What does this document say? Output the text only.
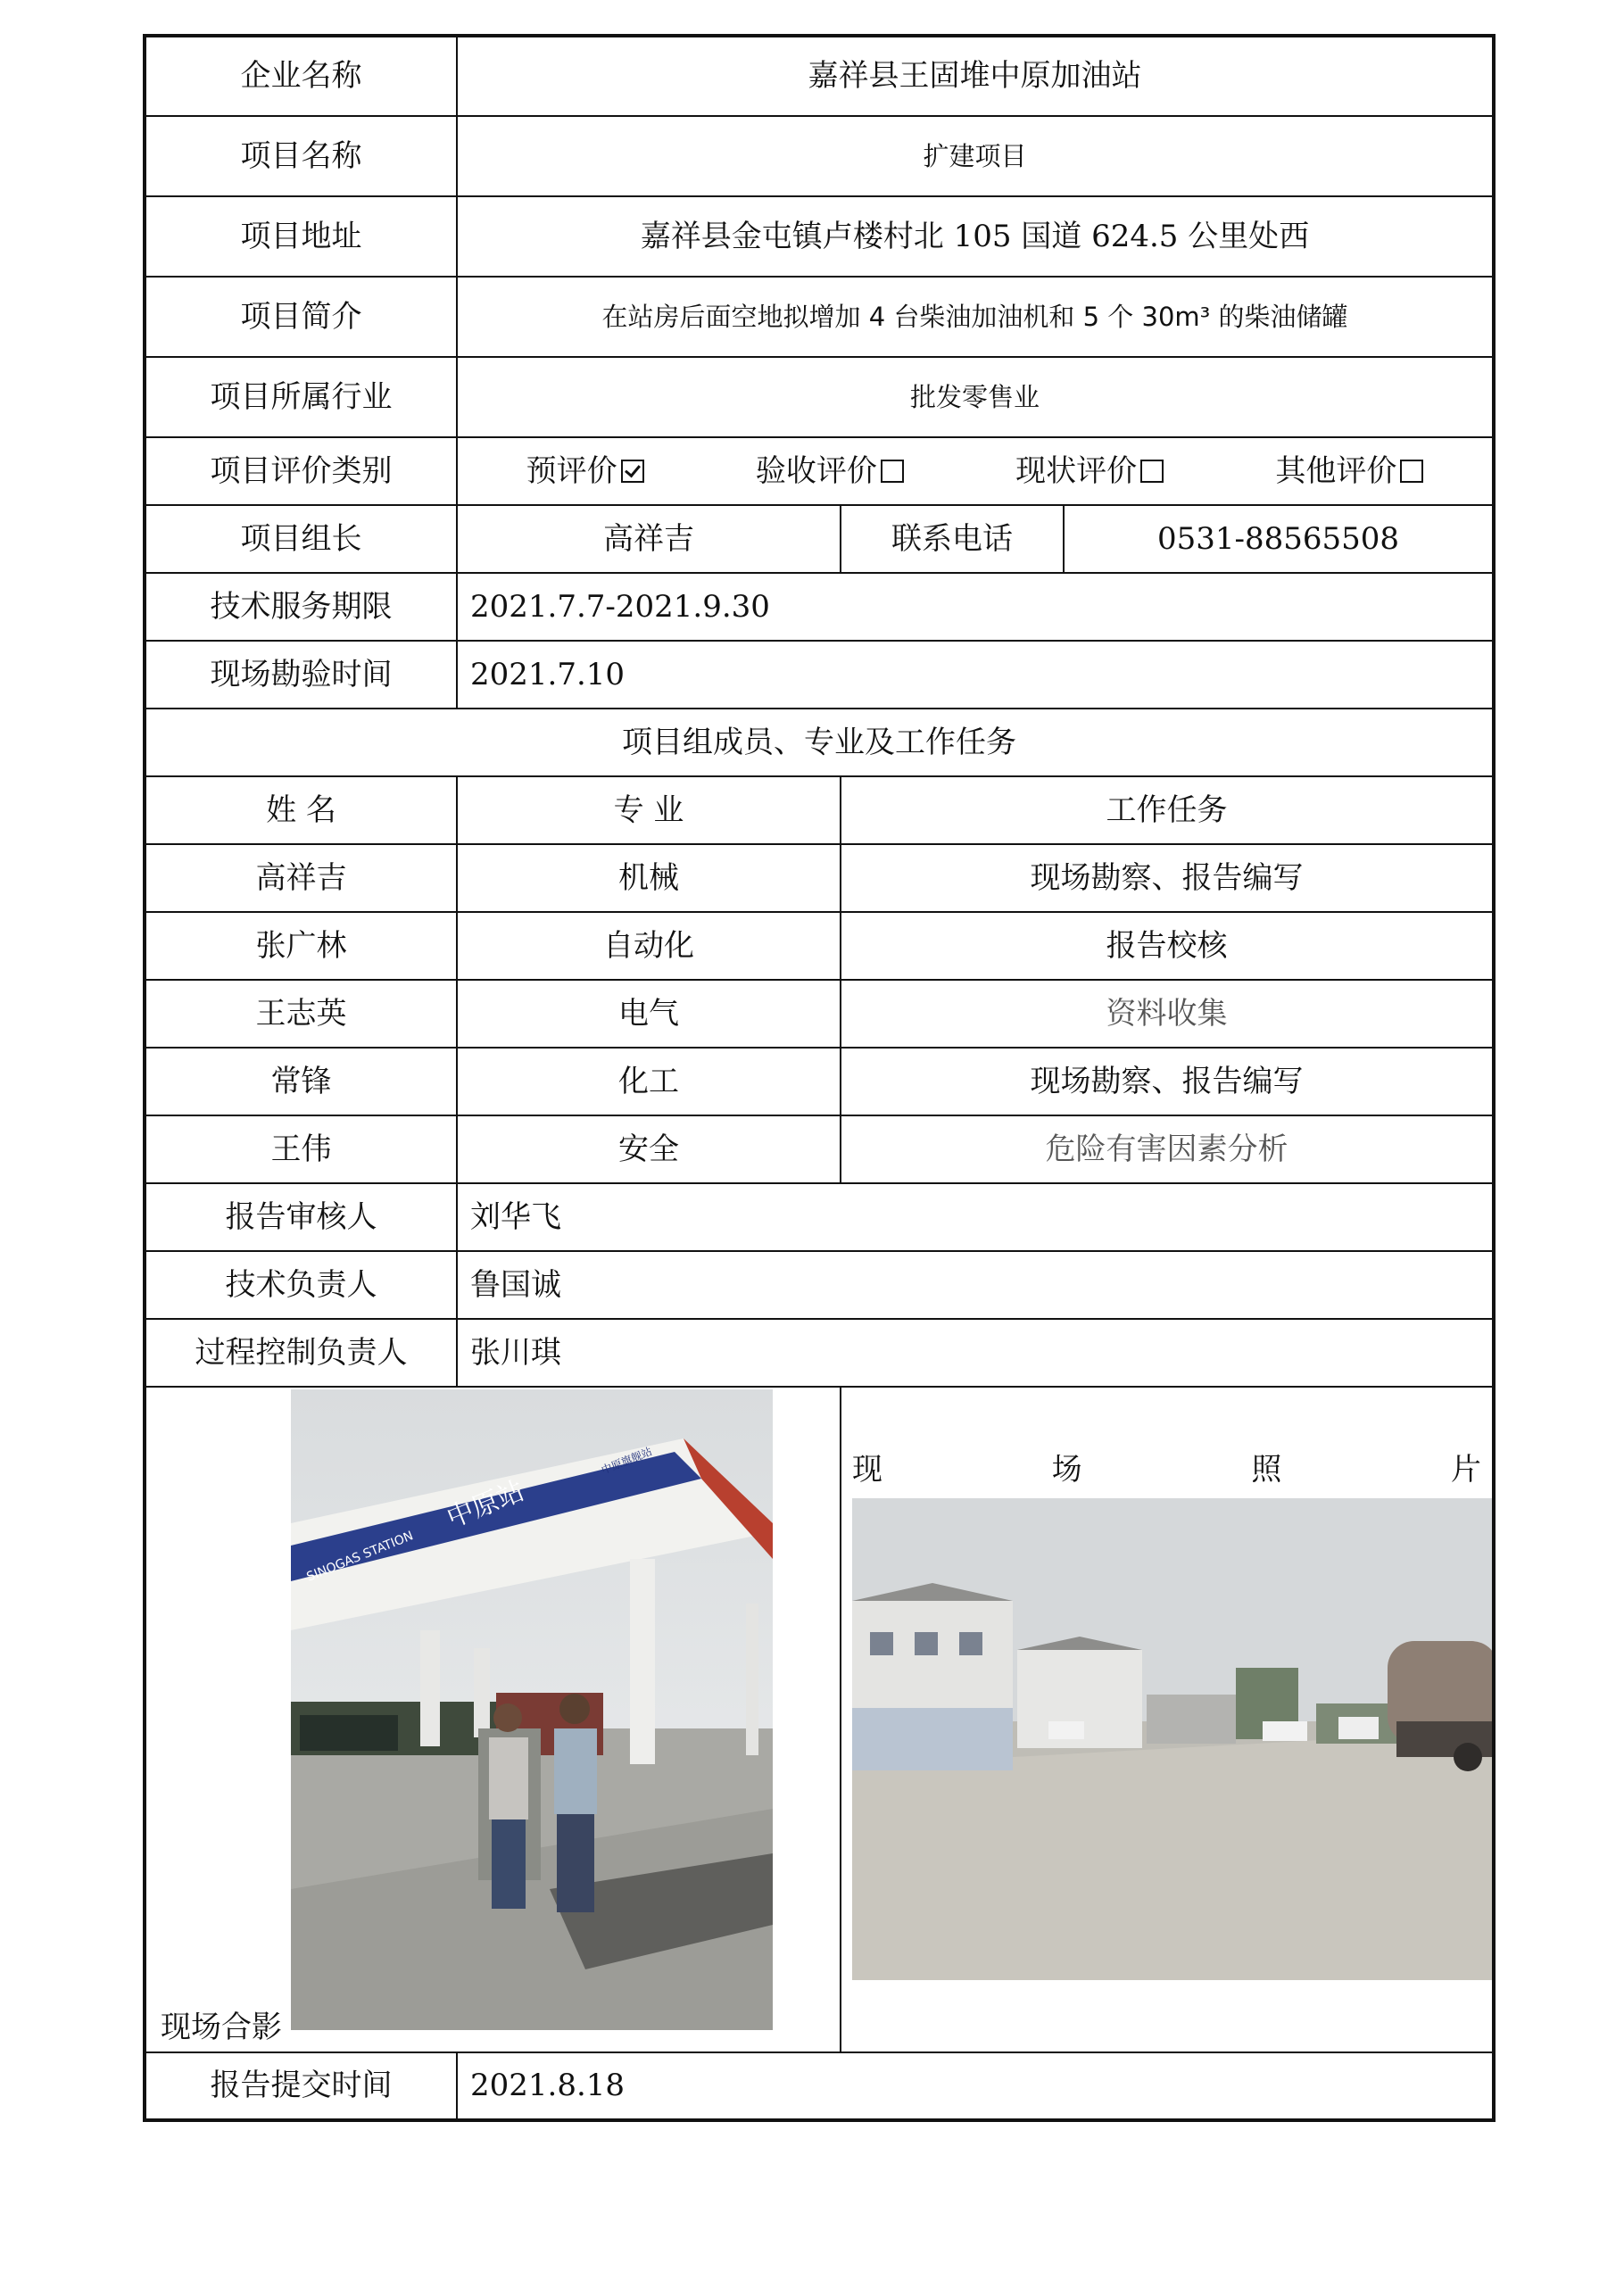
企业名称	嘉祥县王固堆中原加油站		
项目名称	扩建项目		
项目地址	嘉祥县金屯镇卢楼村北 105 国道 624.5 公里处西		
项目简介	在站房后面空地拟增加 4 台柴油加油机和 5 个 30m³ 的柴油储罐		
项目所属行业	批发零售业		
项目评价类别	预评价 验收评价 现状评价 其他评价		

项目组长	高祥吉	联系电话	0531-88565508
技术服务期限	2021.7.7-2021.9.30		
现场勘验时间	2021.7.10		
项目组成员、专业及工作任务			
姓 名	专 业	工作任务	
高祥吉	机械	现场勘察、报告编写	
张广林	自动化	报告校核	
王志英	电气	资料收集	
常锋	化工	现场勘察、报告编写	
王伟	安全	危险有害因素分析	
报告审核人	刘华飞		
技术负责人	鲁国诚		
过程控制负责人	张川琪		

中原站
SINOGAS STATION
中原旗舰站
现场合影		现 场 照 片	

报告提交时间	2021.8.18		
